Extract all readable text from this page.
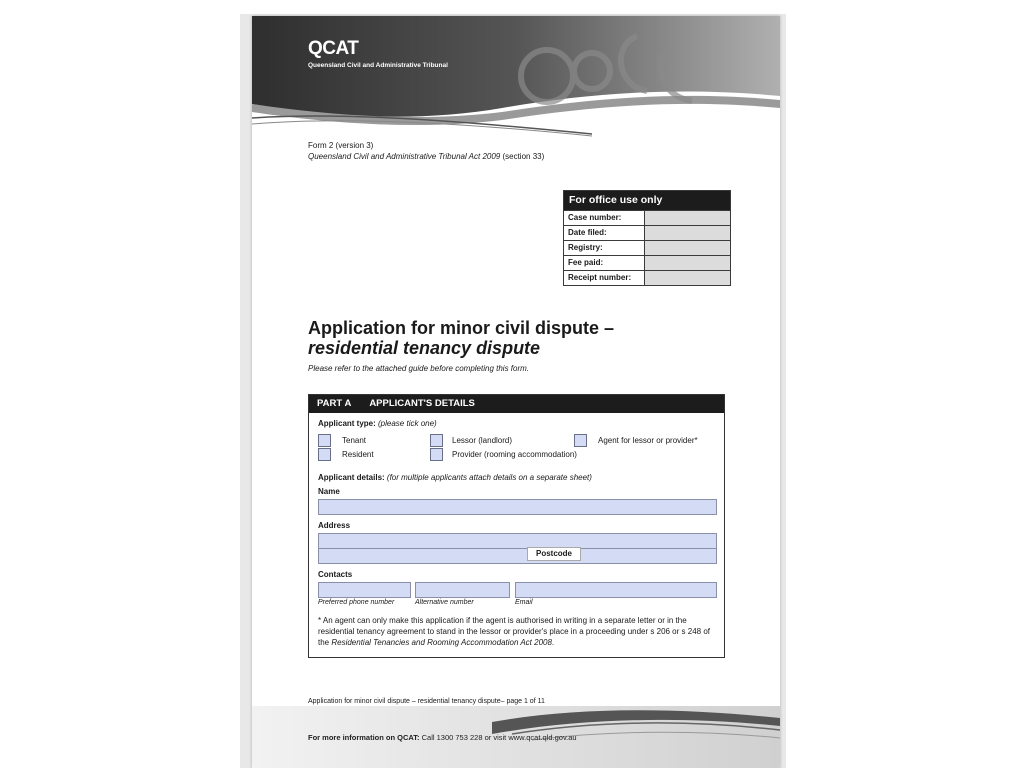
QCAT
Queensland Civil and Administrative Tribunal
Form 2 (version 3)
Queensland Civil and Administrative Tribunal Act 2009 (section 33)
For office use only
Case number:
Date filed:
Registry:
Fee paid:
Receipt number:
Application for minor civil dispute –
residential tenancy dispute
Please refer to the attached guide before completing this form.
PART A APPLICANT'S DETAILS
Applicant type: (please tick one)
Tenant
Resident
Lessor (landlord)
Provider (rooming accommodation)
Agent for lessor or provider*
Applicant details: (for multiple applicants attach details on a separate sheet)
Name
Address
Postcode
Contacts
Preferred phone number	Alternative number	Email
* An agent can only make this application if the agent is authorised in writing in a separate letter or in the residential tenancy agreement to stand in the lessor or provider's place in a proceeding under s 206 or s 248 of the Residential Tenancies and Rooming Accommodation Act 2008.
Application for minor civil dispute – residential tenancy dispute– page 1 of 11
For more information on QCAT: Call 1300 753 228 or visit www.qcat.qld.gov.au
